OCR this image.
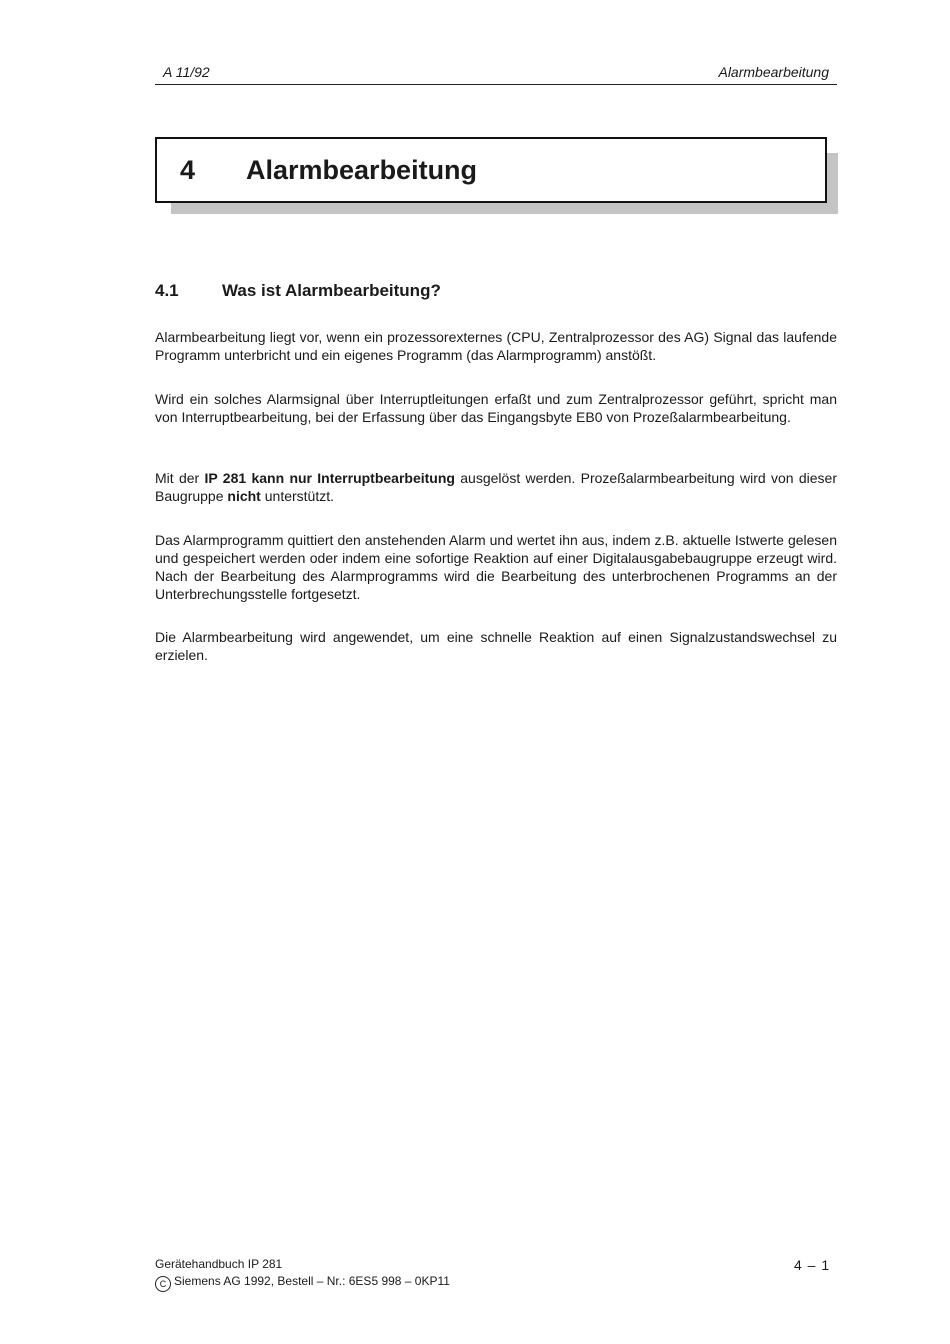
A 11/92	Alarmbearbeitung
4 Alarmbearbeitung
4.1	Was ist Alarmbearbeitung?

Alarmbearbeitung liegt vor, wenn ein prozessorexternes (CPU, Zentralprozessor des AG) Signal das laufende Programm unterbricht und ein eigenes Programm (das Alarmprogramm) anstößt.

Wird ein solches Alarmsignal über Interruptleitungen erfaßt und zum Zentralprozessor geführt, spricht man von Interruptbearbeitung, bei der Erfassung über das Eingangsbyte EB0 von Prozeßalarmbearbeitung.

Mit der IP 281 kann nur Interruptbearbeitung ausgelöst werden. Prozeßalarmbearbeitung wird von dieser Baugruppe nicht unterstützt.

Das Alarmprogramm quittiert den anstehenden Alarm und wertet ihn aus, indem z.B. aktuelle Istwerte gelesen und gespeichert werden oder indem eine sofortige Reaktion auf einer Digitalausgabebaugruppe erzeugt wird. Nach der Bearbeitung des Alarmprogramms wird die Bearbeitung des unterbrochenen Programms an der Unterbrechungsstelle fortgesetzt.

Die Alarmbearbeitung wird angewendet, um eine schnelle Reaktion auf einen Signalzustandswechsel zu erzielen.

Gerätehandbuch IP 281
C Siemens AG 1992, Bestell – Nr.: 6ES5 998 – 0KP11
4 – 1
